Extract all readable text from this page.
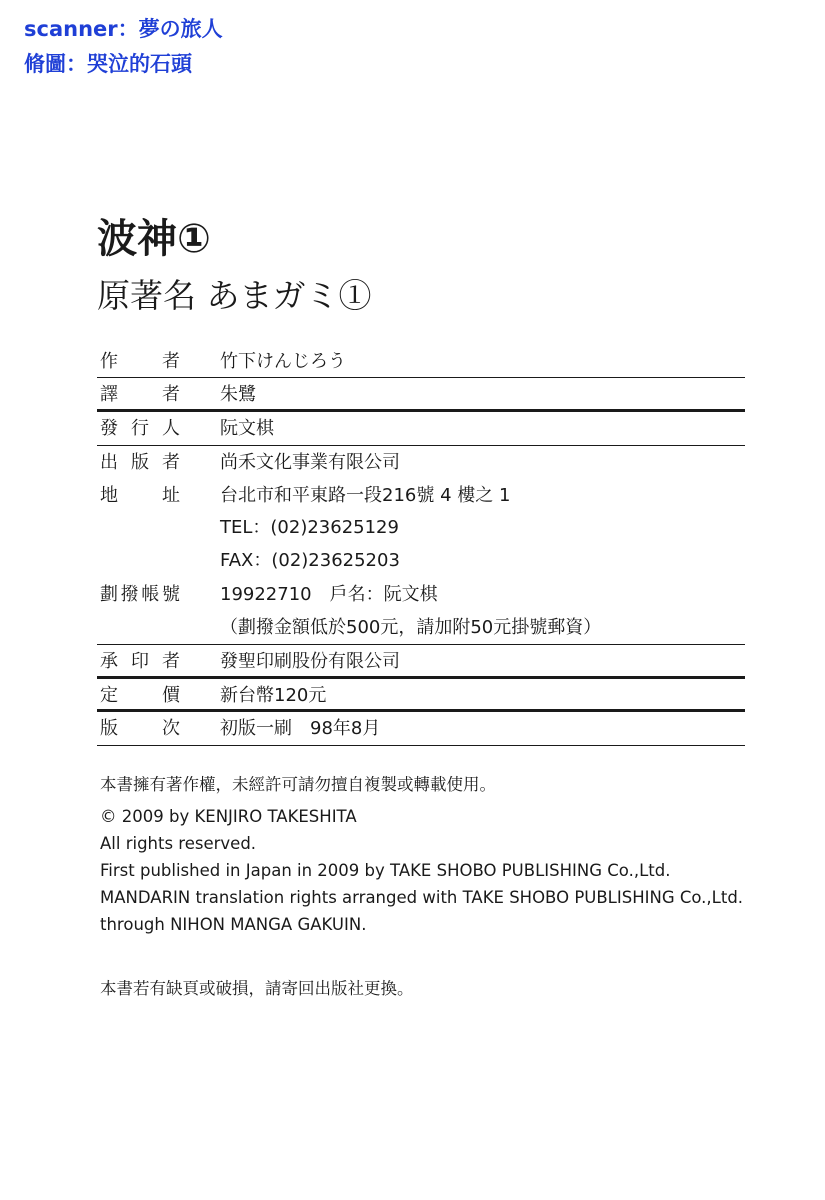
scanner：夢の旅人
脩圖：哭泣的石頭
波神①
原著名 あまガミ①
作 者 竹下けんじろう
譯 者 朱鷺
發 行 人 阮文棋
出 版 者 尚禾文化事業有限公司
地 址 台北市和平東路一段216號 4 樓之 1
TEL：(02)23625129
FAX：(02)23625203
劃 撥 帳 號 19922710　戶名：阮文棋
（劃撥金額低於500元，請加附50元掛號郵資）
承 印 者 發聖印刷股份有限公司
定 價 新台幣120元
版 次 初版一刷　98年8月
本書擁有著作權，未經許可請勿擅自複製或轉載使用。
© 2009 by KENJIRO TAKESHITA
All rights reserved.
First published in Japan in 2009 by TAKE SHOBO PUBLISHING Co.,Ltd.
MANDARIN translation rights arranged with TAKE SHOBO PUBLISHING Co.,Ltd.
through NIHON MANGA GAKUIN.
本書若有缺頁或破損，請寄回出版社更換。
